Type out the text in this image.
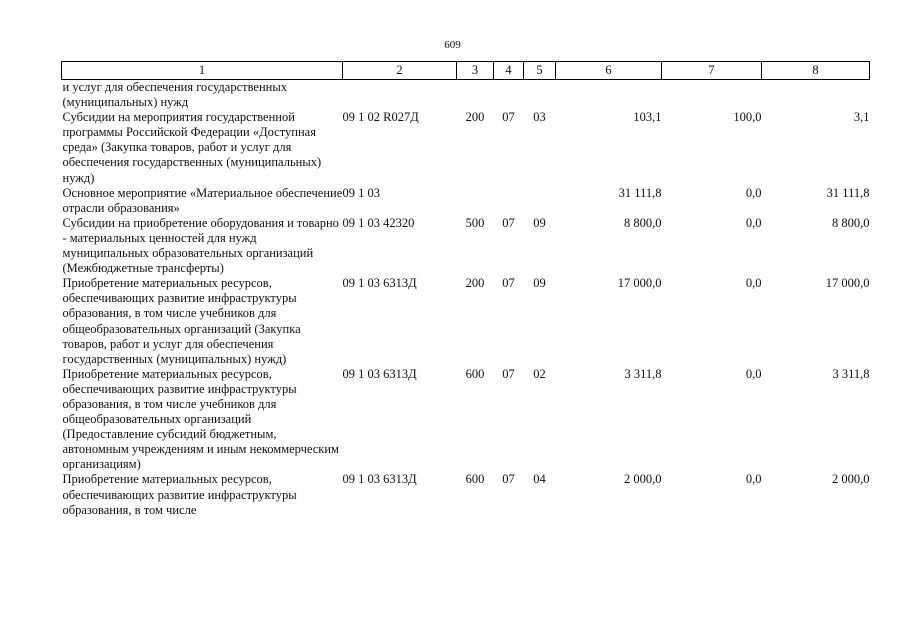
609
1	2	3	4	5	6	7	8
и услуг для обеспечения государственных (муниципальных) нужд							
Субсидии на мероприятия государственной программы Российской Федерации «Доступная среда» (Закупка товаров, работ и услуг для обеспечения государственных (муниципальных) нужд)	09 1 02 R027Д	200	07	03	103,1	100,0	3,1
Основное мероприятие «Материальное обеспечение отрасли образования»	09 1 03				31 111,8	0,0	31 111,8
Субсидии на приобретение оборудования и товарно - материальных ценностей для нужд муниципальных образовательных организаций (Межбюджетные трансферты)	09 1 03 42320	500	07	09	8 800,0	0,0	8 800,0
Приобретение материальных ресурсов, обеспечивающих развитие инфраструктуры образования, в том числе учебников для общеобразовательных организаций (Закупка товаров, работ и услуг для обеспечения государственных (муниципальных) нужд)	09 1 03 6313Д	200	07	09	17 000,0	0,0	17 000,0
Приобретение материальных ресурсов, обеспечивающих развитие инфраструктуры образования, в том числе учебников для общеобразовательных организаций (Предоставление субсидий бюджетным, автономным учреждениям и иным некоммерческим организациям)	09 1 03 6313Д	600	07	02	3 311,8	0,0	3 311,8
Приобретение материальных ресурсов, обеспечивающих развитие инфраструктуры образования, в том числе	09 1 03 6313Д	600	07	04	2 000,0	0,0	2 000,0
